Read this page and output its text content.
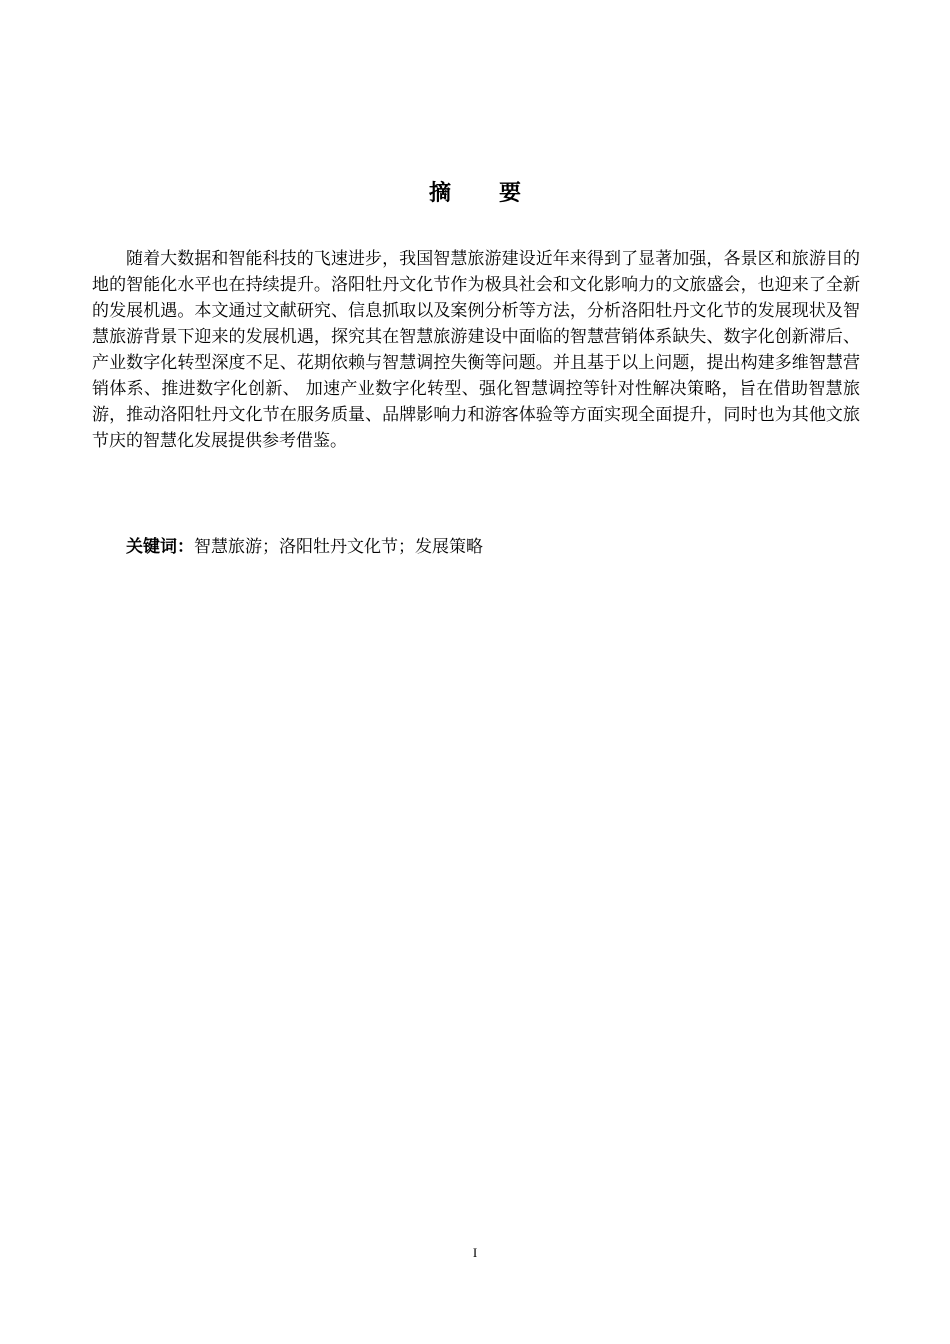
摘要

随着大数据和智能科技的飞速进步，我国智慧旅游建设近年来得到了显著加强，各景区和旅游目的地的智能化水平也在持续提升。洛阳牡丹文化节作为极具社会和文化影响力的文旅盛会，也迎来了全新的发展机遇。本文通过文献研究、信息抓取以及案例分析等方法，分析洛阳牡丹文化节的发展现状及智慧旅游背景下迎来的发展机遇，探究其在智慧旅游建设中面临的智慧营销体系缺失、数字化创新滞后、产业数字化转型深度不足、花期依赖与智慧调控失衡等问题。并且基于以上问题，提出构建多维智慧营销体系、推进数字化创新、 加速产业数字化转型、强化智慧调控等针对性解决策略，旨在借助智慧旅游，推动洛阳牡丹文化节在服务质量、品牌影响力和游客体验等方面实现全面提升，同时也为其他文旅节庆的智慧化发展提供参考借鉴。

关键词：智慧旅游；洛阳牡丹文化节；发展策略

I
